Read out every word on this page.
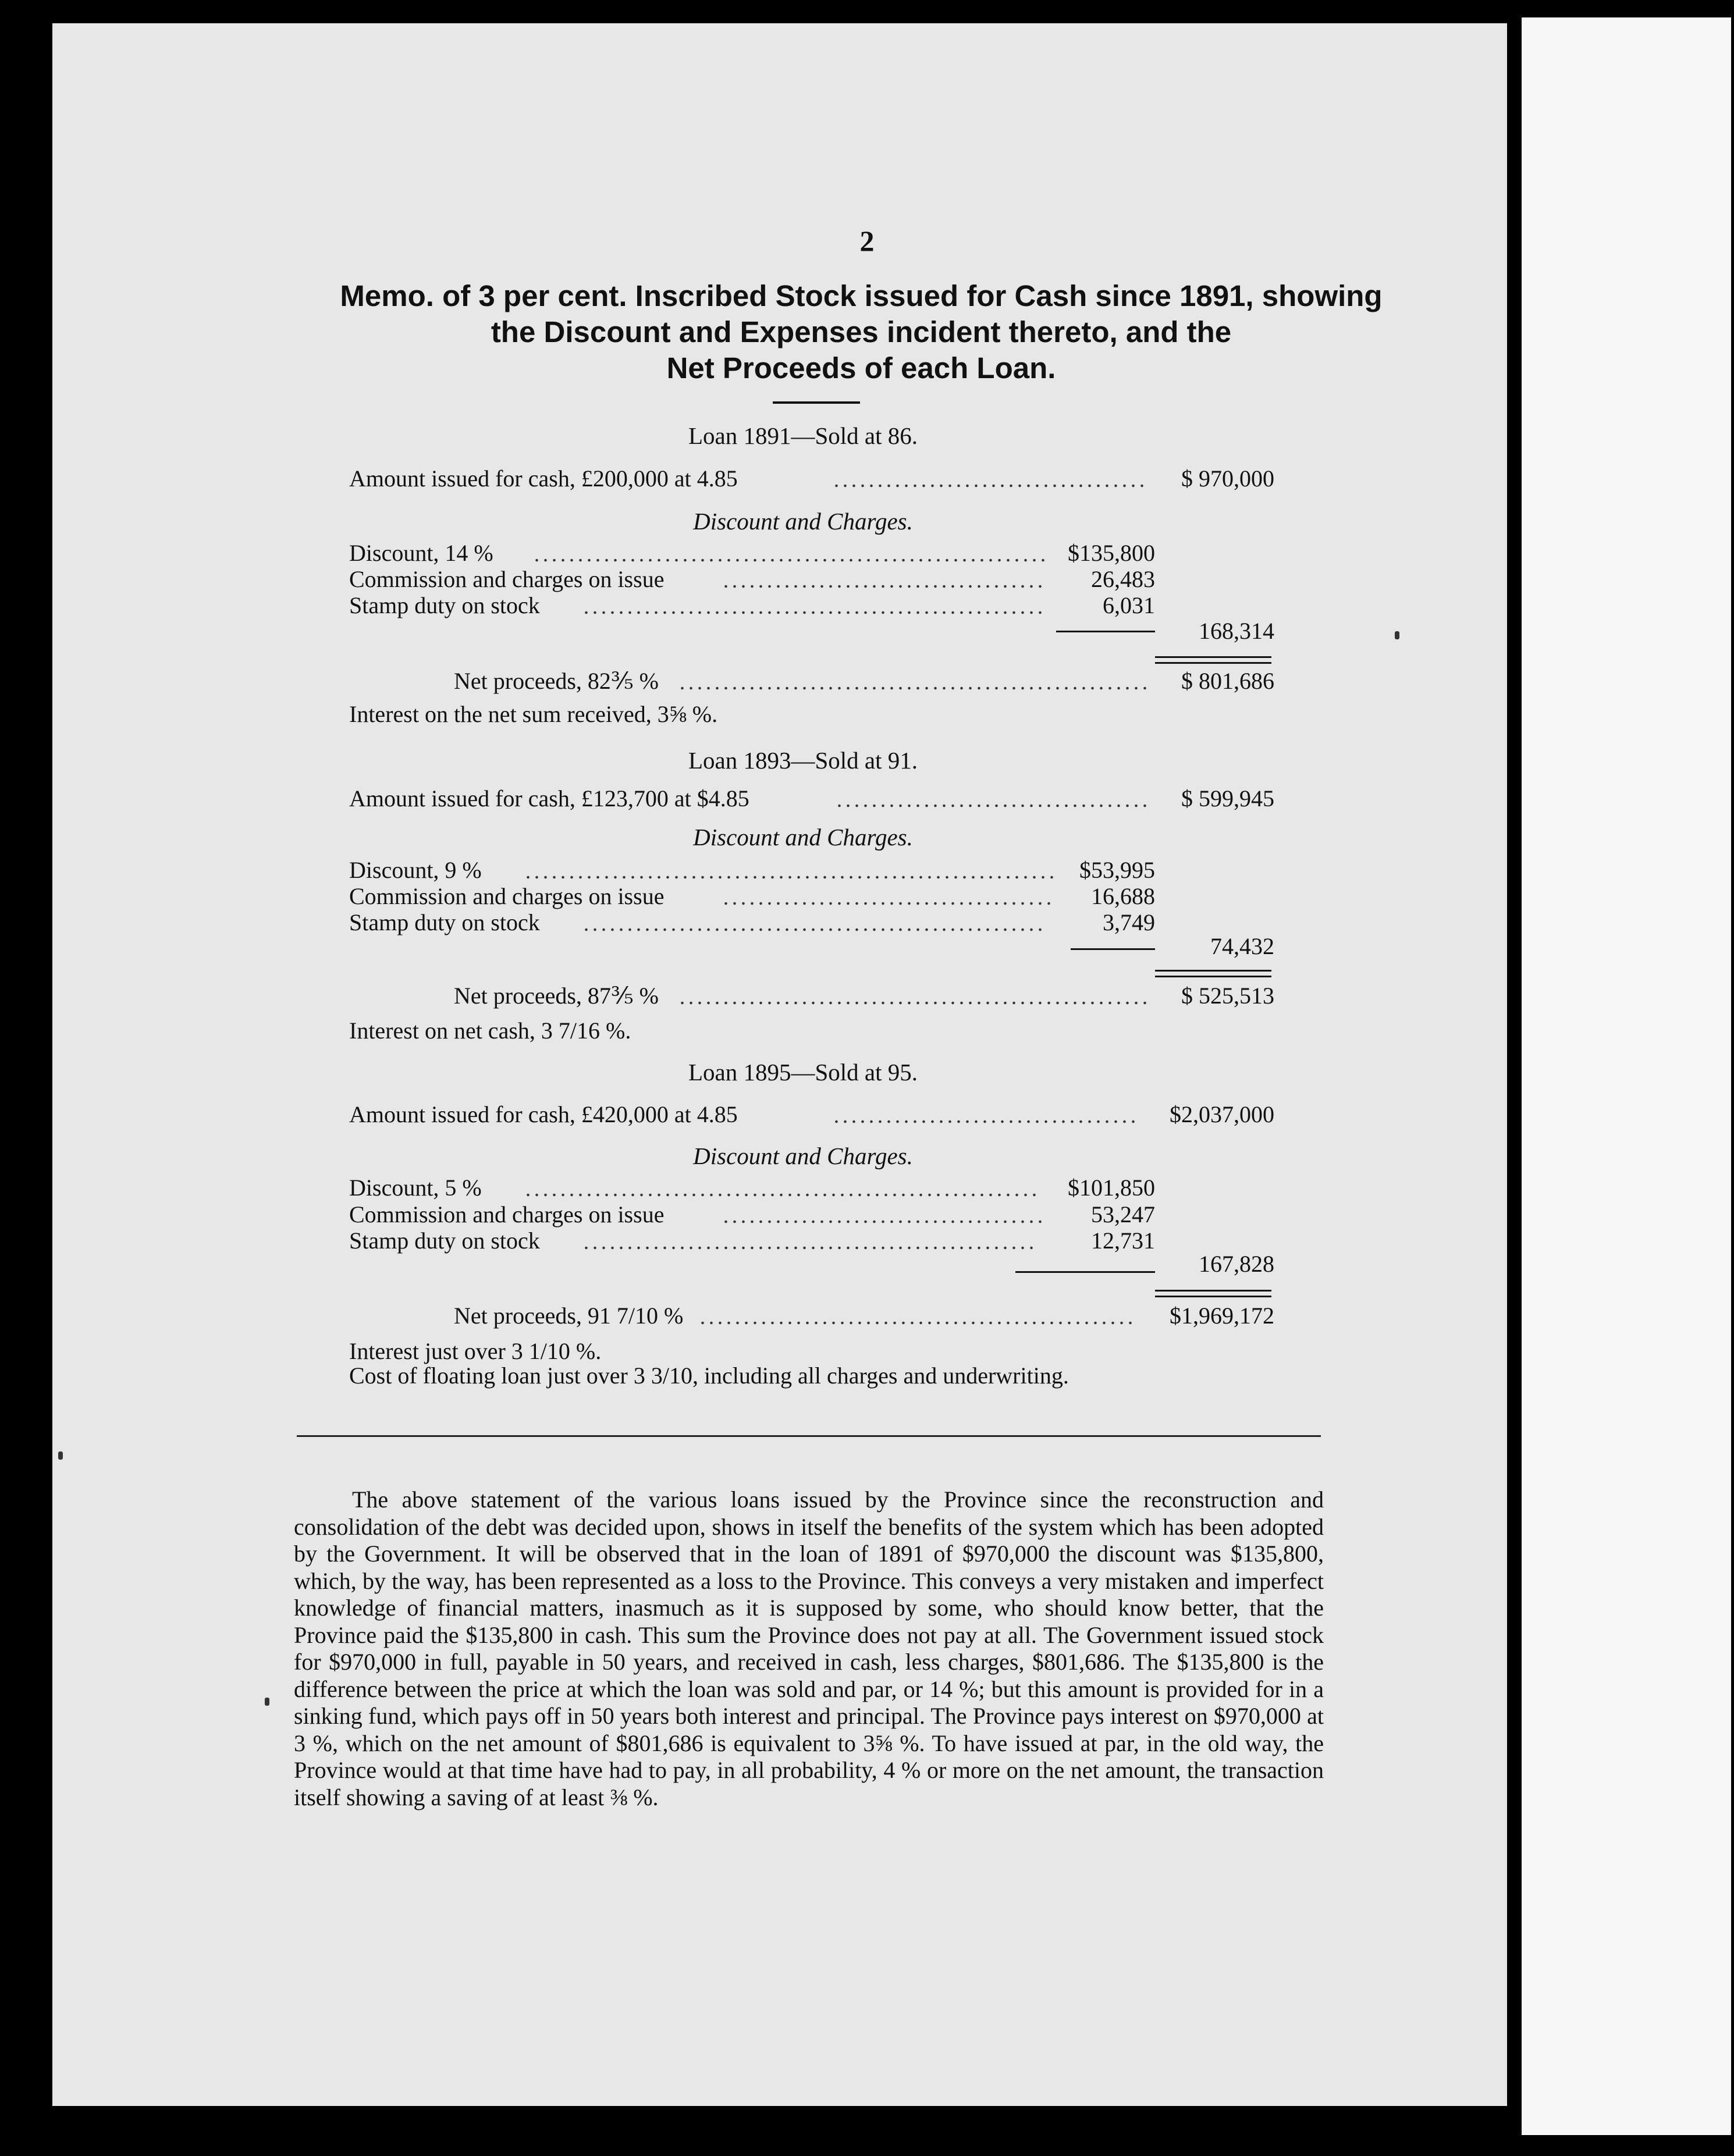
2
Memo. of 3 per cent. Inscribed Stock issued for Cash since 1891, showing
the Discount and Expenses incident thereto, and the
Net Proceeds of each Loan.
Loan 1891—Sold at 86.
Amount issued for cash, £200,000 at 4.85	$ 970,000
Discount and Charges.
Discount, 14 %	$135,800
Commission and charges on issue	26,483
Stamp duty on stock	6,031
168,314
Net proceeds, 82⅗ %	$ 801,686
Interest on the net sum received, 3⅝ %.
Loan 1893—Sold at 91.
Amount issued for cash, £123,700 at $4.85	$ 599,945
Discount and Charges.
Discount, 9 %	$53,995
Commission and charges on issue	16,688
Stamp duty on stock	3,749
74,432
Net proceeds, 87⅗ %	$ 525,513
Interest on net cash, 3 7/16 %.
Loan 1895—Sold at 95.
Amount issued for cash, £420,000 at 4.85	$2,037,000
Discount and Charges.
Discount, 5 %	$101,850
Commission and charges on issue	53,247
Stamp duty on stock	12,731
167,828
Net proceeds, 91 7/10 %	$1,969,172
Interest just over 3 1/10 %.
Cost of floating loan just over 3 3/10, including all charges and underwriting.
The above statement of the various loans issued by the Province since the reconstruction and consolidation of the debt was decided upon, shows in itself the benefits of the system which has been adopted by the Government. It will be observed that in the loan of 1891 of $970,000 the discount was $135,800, which, by the way, has been represented as a loss to the Province. This conveys a very mistaken and imperfect knowledge of financial matters, inasmuch as it is supposed by some, who should know better, that the Province paid the $135,800 in cash. This sum the Province does not pay at all. The Government issued stock for $970,000 in full, payable in 50 years, and received in cash, less charges, $801,686. The $135,800 is the difference between the price at which the loan was sold and par, or 14 %; but this amount is provided for in a sinking fund, which pays off in 50 years both interest and principal. The Province pays interest on $970,000 at 3 %, which on the net amount of $801,686 is equivalent to 3⅝ %. To have issued at par, in the old way, the Province would at that time have had to pay, in all probability, 4 % or more on the net amount, the transaction itself showing a saving of at least ⅜ %.
